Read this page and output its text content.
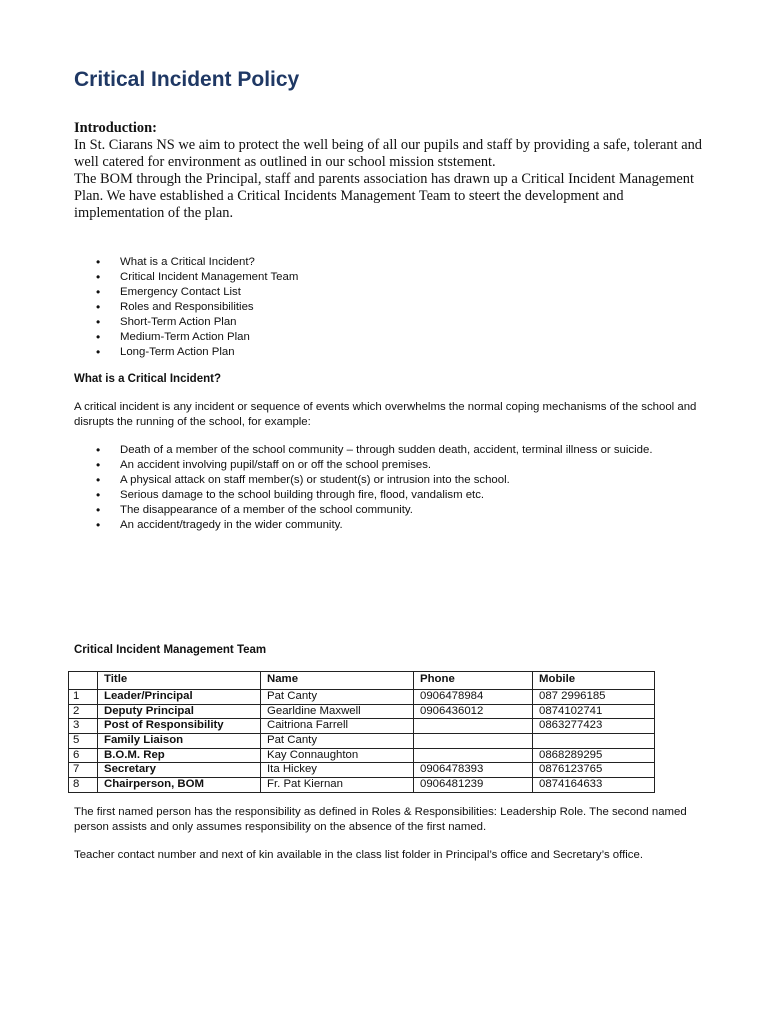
Critical Incident Policy
Introduction:

In St. Ciarans NS we aim to protect the well being of all our pupils and staff by providing a safe, tolerant and well catered for environment as outlined in our school mission ststement.

The BOM through the Principal, staff and parents association has drawn up a Critical Incident Management Plan. We have established a Critical Incidents Management Team to steert the development and implementation of the plan.

• What is a Critical Incident?
• Critical Incident Management Team
• Emergency Contact List
• Roles and Responsibilities
• Short-Term Action Plan
• Medium-Term Action Plan
• Long-Term Action Plan
What is a Critical Incident?

A critical incident is any incident or sequence of events which overwhelms the normal coping mechanisms of the school and disrupts the running of the school, for example:

• Death of a member of the school community – through sudden death, accident, terminal illness or suicide.
• An accident involving pupil/staff on or off the school premises.
• A physical attack on staff member(s) or student(s) or intrusion into the school.
• Serious damage to the school building through fire, flood, vandalism etc.
• The disappearance of a member of the school community.
• An accident/tragedy in the wider community.
Critical Incident Management Team
	Title	Name	Phone	Mobile
1	Leader/Principal	Pat Canty	0906478984	087 2996185
2	Deputy Principal	Gearldine Maxwell	0906436012	0874102741
3	Post of Responsibility	Caitriona Farrell		0863277423
5	Family Liaison	Pat Canty		
6	B.O.M. Rep	Kay Connaughton		0868289295
7	Secretary	Ita Hickey	0906478393	0876123765
8	Chairperson, BOM	Fr. Pat Kiernan	0906481239	0874164633

The first named person has the responsibility as defined in Roles & Responsibilities: Leadership Role. The second named person assists and only assumes responsibility on the absence of the first named.

Teacher contact number and next of kin available in the class list folder in Principal’s office and Secretary’s office.
